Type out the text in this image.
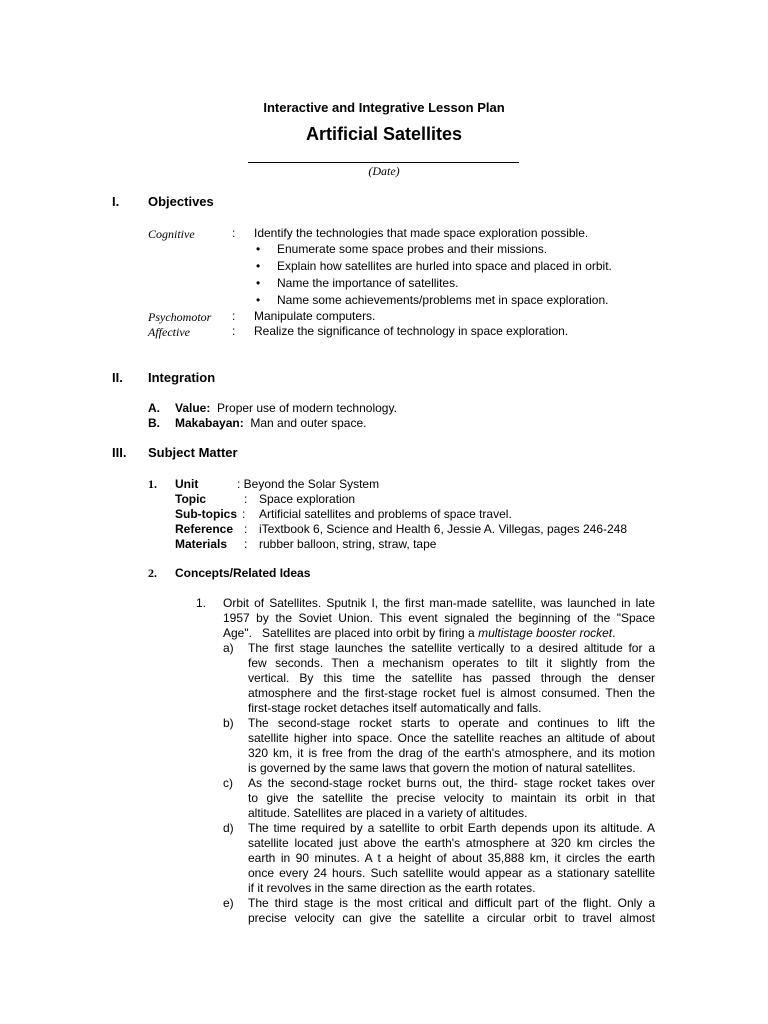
Interactive and Integrative Lesson Plan
Artificial Satellites
(Date)
I. Objectives
Cognitive	: Identify the technologies that made space exploration possible.
• Enumerate some space probes and their missions.
• Explain how satellites are hurled into space and placed in orbit.
• Name the importance of satellites.
• Name some achievements/problems met in space exploration.
Psychomotor : Manipulate computers.
Affective	: Realize the significance of technology in space exploration.
II. Integration
A. Value: Proper use of modern technology.
B. Makabayan: Man and outer space.
III. Subject Matter
1. Unit	: Beyond the Solar System
Topic	: Space exploration
Sub-topics : Artificial satellites and problems of space travel.
Reference : iTextbook 6, Science and Health 6, Jessie A. Villegas, pages 246-248
Materials : rubber balloon, string, straw, tape
2. Concepts/Related Ideas
1. Orbit of Satellites. Sputnik I, the first man-made satellite, was launched in late
1957 by the Soviet Union. This event signaled the beginning of the "Space
Age".   Satellites are placed into orbit by firing a multistage booster rocket.
a) The first stage launches the satellite vertically to a desired altitude for a
few seconds. Then a mechanism operates to tilt it slightly from the
vertical. By this time the satellite has passed through the denser
atmosphere and the first-stage rocket fuel is almost consumed. Then the
first-stage rocket detaches itself automatically and falls.
b) The second-stage rocket starts to operate and continues to lift the
satellite higher into space. Once the satellite reaches an altitude of about
320 km, it is free from the drag of the earth's atmosphere, and its motion
is governed by the same laws that govern the motion of natural satellites.
c) As the second-stage rocket burns out, the third- stage rocket takes over
to give the satellite the precise velocity to maintain its orbit in that
altitude. Satellites are placed in a variety of altitudes.
d) The time required by a satellite to orbit Earth depends upon its altitude. A
satellite located just above the earth's atmosphere at 320 km circles the
earth in 90 minutes. A t a height of about 35,888 km, it circles the earth
once every 24 hours. Such satellite would appear as a stationary satellite
if it revolves in the same direction as the earth rotates.
e) The third stage is the most critical and difficult part of the flight. Only a
precise velocity can give the satellite a circular orbit to travel almost
